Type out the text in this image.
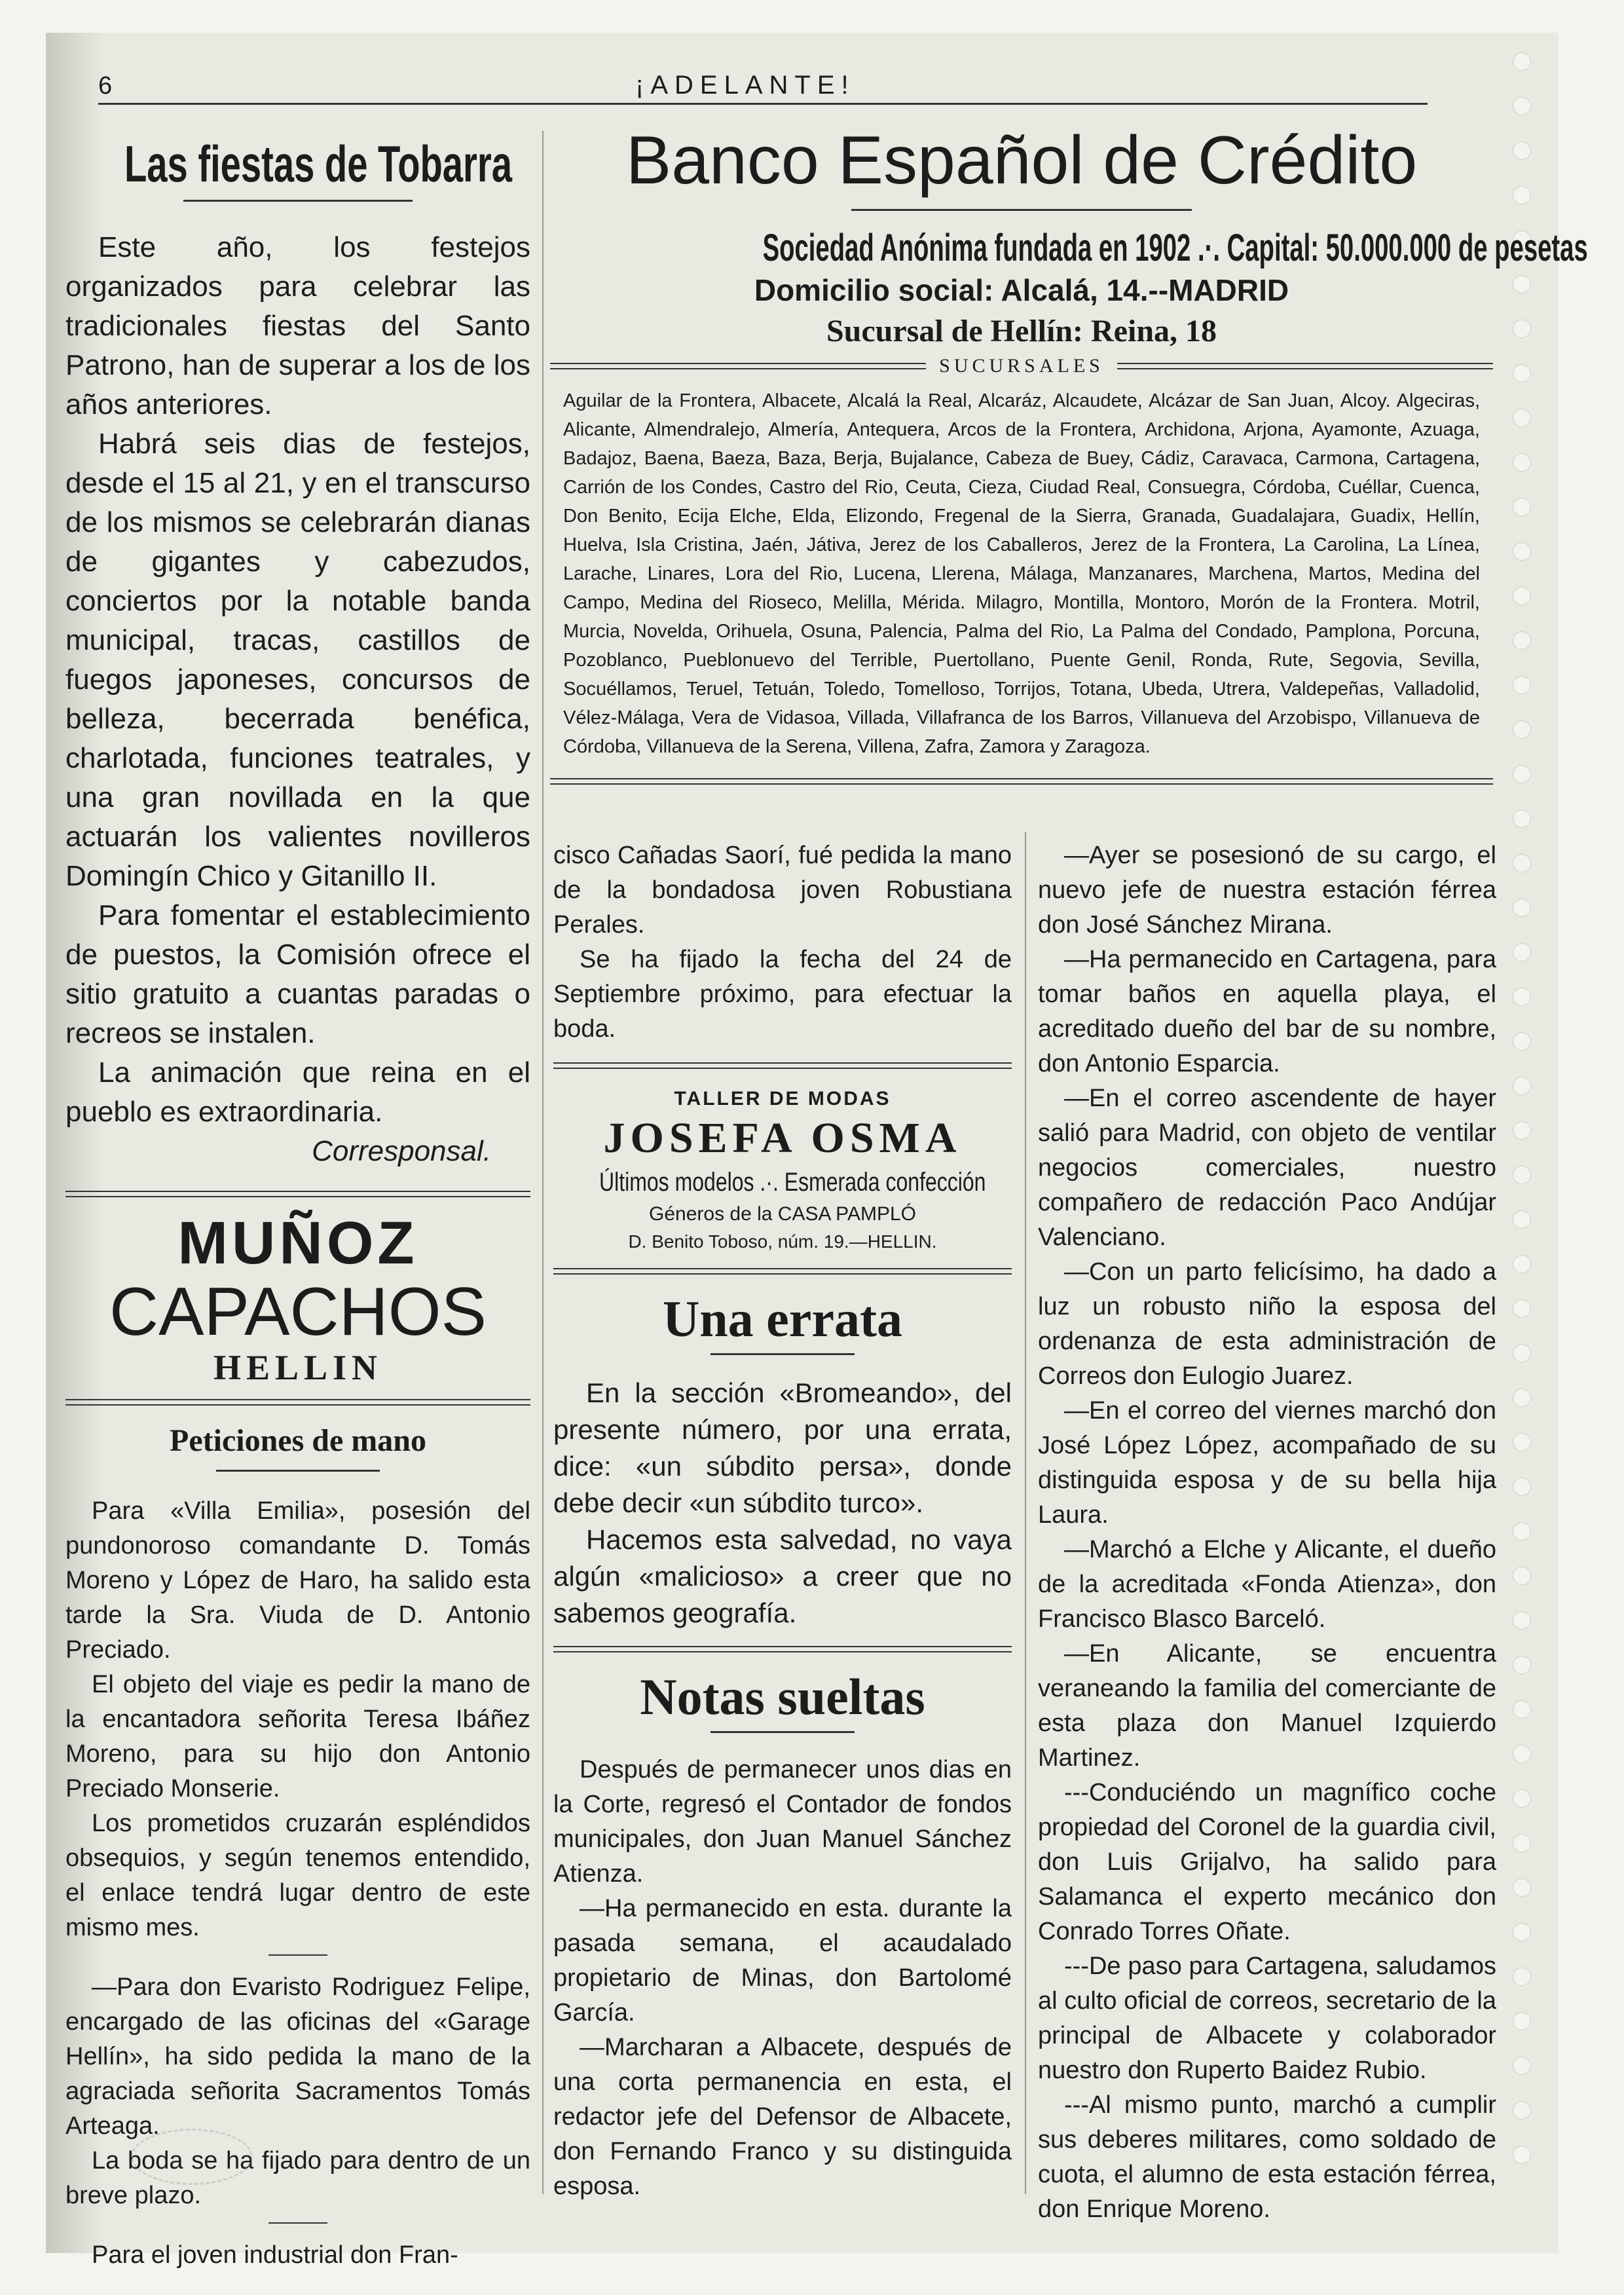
6	¡ADELANTE!
Las fiestas de Tobarra

Este año, los festejos organizados para celebrar las tradicionales fiestas del Santo Patrono, han de superar a los de los años anteriores.

Habrá seis dias de festejos, desde el 15 al 21, y en el transcurso de los mismos se celebrarán dianas de gigantes y cabezudos, conciertos por la notable banda municipal, tracas, castillos de fuegos japoneses, concursos de belleza, becerrada benéfica, charlotada, funciones teatrales, y una gran novillada en la que actuarán los valientes novilleros Domingín Chico y Gitanillo II.

Para fomentar el establecimiento de puestos, la Comisión ofrece el sitio gratuito a cuantas paradas o recreos se instalen.

La animación que reina en el pueblo es extraordinaria.

Corresponsal.
MUÑOZ
CAPACHOS
HELLIN
Peticiones de mano

Para «Villa Emilia», posesión del pundonoroso comandante D. Tomás Moreno y López de Haro, ha salido esta tarde la Sra. Viuda de D. Antonio Preciado.

El objeto del viaje es pedir la mano de la encantadora señorita Teresa Ibáñez Moreno, para su hijo don Antonio Preciado Monserie.

Los prometidos cruzarán espléndidos obsequios, y según tenemos entendido, el enlace tendrá lugar dentro de este mismo mes.

—Para don Evaristo Rodriguez Felipe, encargado de las oficinas del «Garage Hellín», ha sido pedida la mano de la agraciada señorita Sacramentos Tomás Arteaga.

La boda se ha fijado para dentro de un breve plazo.

Para el joven industrial don Fran-

Banco Español de Crédito
Sociedad Anónima fundada en 1902 .·. Capital: 50.000.000 de pesetas
Domicilio social: Alcalá, 14.--MADRID
Sucursal de Hellín: Reina, 18
SUCURSALES
Aguilar de la Frontera, Albacete, Alcalá la Real, Alcaráz, Alcaudete, Alcázar de San Juan, Alcoy. Algeciras, Alicante, Almendralejo, Almería, Antequera, Arcos de la Frontera, Archidona, Arjona, Ayamonte, Azuaga, Badajoz, Baena, Baeza, Baza, Berja, Bujalance, Cabeza de Buey, Cádiz, Caravaca, Carmona, Cartagena, Carrión de los Condes, Castro del Rio, Ceuta, Cieza, Ciudad Real, Consuegra, Córdoba, Cuéllar, Cuenca, Don Benito, Ecija Elche, Elda, Elizondo, Fregenal de la Sierra, Granada, Guadalajara, Guadix, Hellín, Huelva, Isla Cristina, Jaén, Játiva, Jerez de los Caballeros, Jerez de la Frontera, La Carolina, La Línea, Larache, Linares, Lora del Rio, Lucena, Llerena, Málaga, Manzanares, Marchena, Martos, Medina del Campo, Medina del Rioseco, Melilla, Mérida. Milagro, Montilla, Montoro, Morón de la Frontera. Motril, Murcia, Novelda, Orihuela, Osuna, Palencia, Palma del Rio, La Palma del Condado, Pamplona, Porcuna, Pozoblanco, Pueblonuevo del Terrible, Puertollano, Puente Genil, Ronda, Rute, Segovia, Sevilla, Socuéllamos, Teruel, Tetuán, Toledo, Tomelloso, Torrijos, Totana, Ubeda, Utrera, Valdepeñas, Valladolid, Vélez-Málaga, Vera de Vidasoa, Villada, Villafranca de los Barros, Villanueva del Arzobispo, Villanueva de Córdoba, Villanueva de la Serena, Villena, Zafra, Zamora y Zaragoza.

cisco Cañadas Saorí, fué pedida la mano de la bondadosa joven Robustiana Perales.

Se ha fijado la fecha del 24 de Septiembre próximo, para efectuar la boda.

TALLER DE MODAS
JOSEFA OSMA
Últimos modelos .·. Esmerada confección
Géneros de la CASA PAMPLÓ
D. Benito Toboso, núm. 19.—HELLIN.
Una errata

En la sección «Bromeando», del presente número, por una errata, dice: «un súbdito persa», donde debe decir «un súbdito turco».

Hacemos esta salvedad, no vaya algún «malicioso» a creer que no sabemos geografía.

Notas sueltas

Después de permanecer unos dias en la Corte, regresó el Contador de fondos municipales, don Juan Manuel Sánchez Atienza.

—Ha permanecido en esta. durante la pasada semana, el acaudalado propietario de Minas, don Bartolomé García.

—Marcharan a Albacete, después de una corta permanencia en esta, el redactor jefe del Defensor de Albacete, don Fernando Franco y su distinguida esposa.

—Ayer se posesionó de su cargo, el nuevo jefe de nuestra estación férrea don José Sánchez Mirana.

—Ha permanecido en Cartagena, para tomar baños en aquella playa, el acreditado dueño del bar de su nombre, don Antonio Esparcia.

—En el correo ascendente de hayer salió para Madrid, con objeto de ventilar negocios comerciales, nuestro compañero de redacción Paco Andújar Valenciano.

—Con un parto felicísimo, ha dado a luz un robusto niño la esposa del ordenanza de esta administración de Correos don Eulogio Juarez.

—En el correo del viernes marchó don José López López, acompañado de su distinguida esposa y de su bella hija Laura.

—Marchó a Elche y Alicante, el dueño de la acreditada «Fonda Atienza», don Francisco Blasco Barceló.

—En Alicante, se encuentra veraneando la familia del comerciante de esta plaza don Manuel Izquierdo Martinez.

---Conduciéndo un magnífico coche propiedad del Coronel de la guardia civil, don Luis Grijalvo, ha salido para Salamanca el experto mecánico don Conrado Torres Oñate.

---De paso para Cartagena, saludamos al culto oficial de correos, secretario de la principal de Albacete y colaborador nuestro don Ruperto Baidez Rubio.

---Al mismo punto, marchó a cumplir sus deberes militares, como soldado de cuota, el alumno de esta estación férrea, don Enrique Moreno.
